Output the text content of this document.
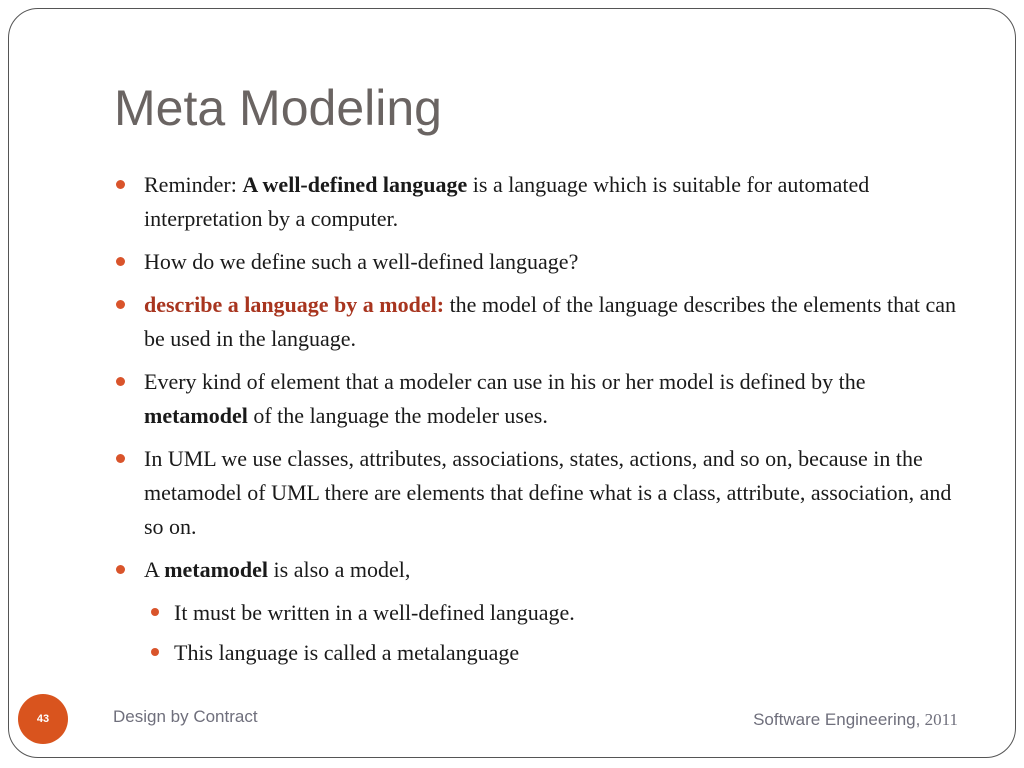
Meta Modeling
Reminder: A well-defined language is a language which is suitable for automated interpretation by a computer.
How do we define such a well-defined language?
describe a language by a model: the model of the language describes the elements that can be used in the language.
Every kind of element that a modeler can use in his or her model is defined by the metamodel of the language the modeler uses.
In UML we use classes, attributes, associations, states, actions, and so on, because in the metamodel of UML there are elements that define what is a class, attribute, association, and so on.
A metamodel is also a model,
It must be written in a well-defined language.
This language is called a metalanguage
43	Design by Contract	Software Engineering, 2011
